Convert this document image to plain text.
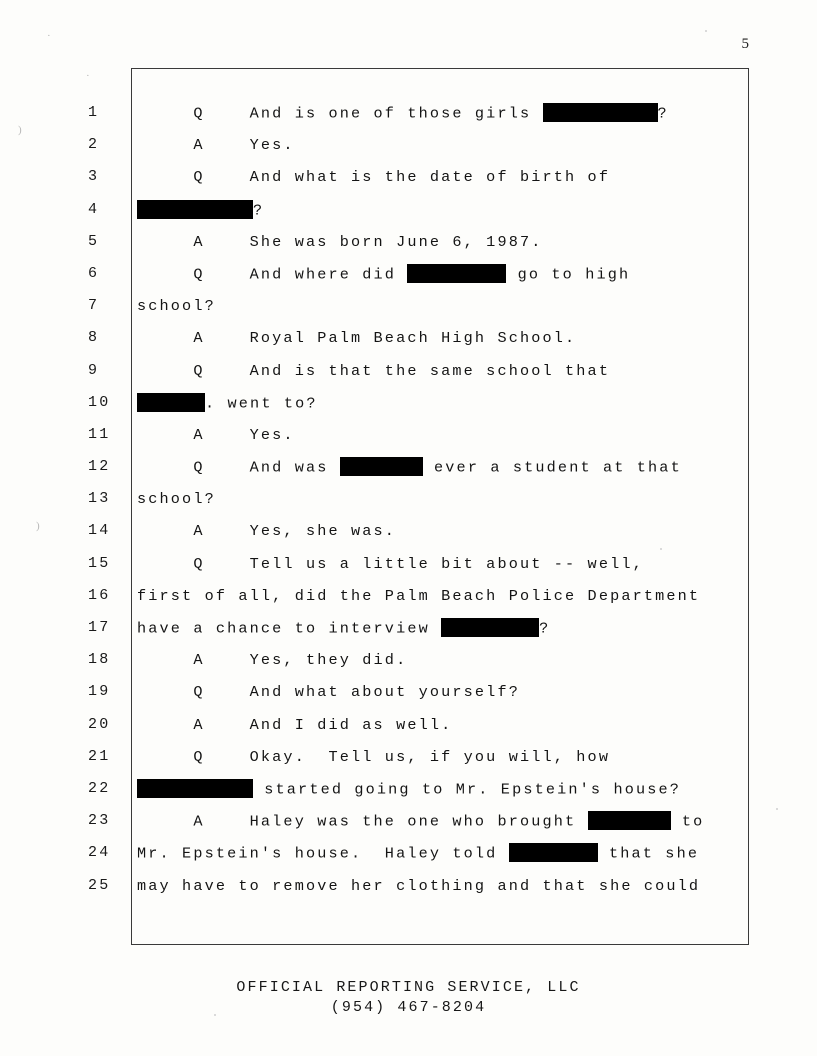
·
·
)
)
5
1	Q    And is one of those girls	?
2	A    Yes.
3	Q    And what is the date of birth of
4	?
5	A    She was born June 6, 1987.
6	Q    And where did	go to high
7	school?
8	A    Royal Palm Beach High School.
9	Q    And is that the same school that
10	. went to?
11	A    Yes.
12	Q    And was	ever a student at that
13	school?
14	A    Yes, she was.
15	Q    Tell us a little bit about -- well,
16	first of all, did the Palm Beach Police Department
17	have a chance to interview	?
18	A    Yes, they did.
19	Q    And what about yourself?
20	A    And I did as well.
21	Q    Okay.  Tell us, if you will, how
22	started going to Mr. Epstein's house?
23	A    Haley was the one who brought	to
24	Mr. Epstein's house.  Haley told	that she
25	may have to remove her clothing and that she could
OFFICIAL REPORTING SERVICE, LLC
(954) 467-8204
